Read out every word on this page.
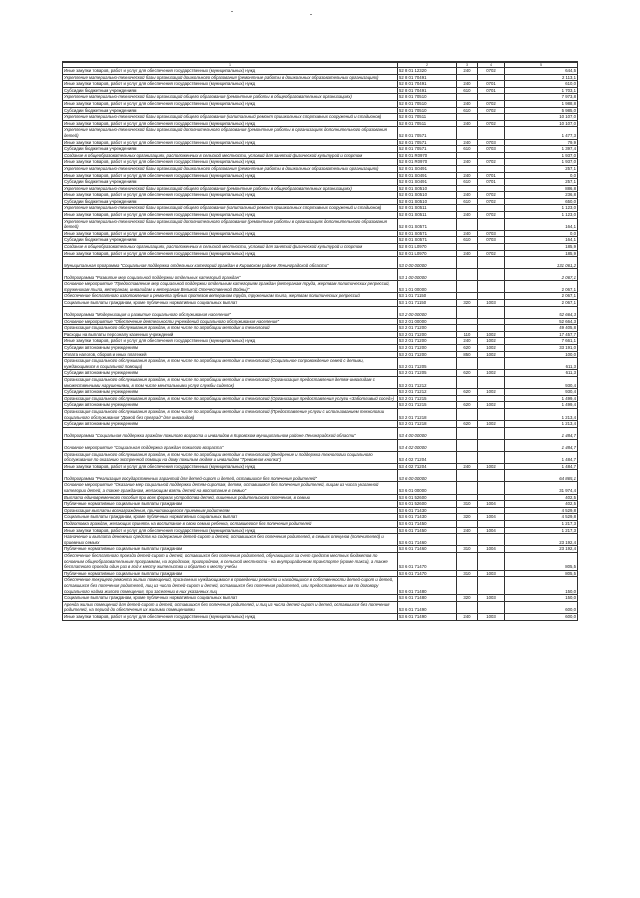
1	2	3	4	5
Иные закупки товаров, работ и услуг для обеспечения государственных (муниципальных) нужд	52 8 01 12320	240	0702	644,5
Укрепление материально-технической базы организаций дошкольного образования (ремонтные работы в дошкольных образовательных организациях)	52 8 01 70491			2 113,1
Иные закупки товаров, работ и услуг для обеспечения государственных (муниципальных) нужд	52 8 01 70491	240	0701	610,0
Субсидии бюджетным учреждениям	52 8 01 70491	610	0701	1 703,1
Укрепление материально-технической базы организаций общего образования (ремонтные работы в общеобразовательных организациях)	52 8 01 70510			7 973,8
Иные закупки товаров, работ и услуг для обеспечения государственных (муниципальных) нужд	52 8 01 70510	240	0702	1 988,8
Субсидии бюджетным учреждениям	52 8 01 70510	610	0702	5 985,0
Укрепление материально-технической базы организаций общего образования (капитальный ремонт пришкольных спортивных сооружений и стадионов)	52 8 01 70511			10 107,0
Иные закупки товаров, работ и услуг для обеспечения государственных (муниципальных) нужд	52 8 01 70511	240	0702	10 107,0
Укрепление материально-технической базы организаций дополнительного образования (ремонтные работы в организациях дополнительного образования детей)	52 8 01 70571			1 477,3
Иные закупки товаров, работ и услуг для обеспечения государственных (муниципальных) нужд	52 8 01 70571	240	0703	79,9
Субсидии бюджетным учреждениям	52 8 01 70571	610	0703	1 397,4
Создание в общеобразовательных организациях, расположенных в сельской местности, условий для занятий физической культурой и спортом	52 8 01 R0970			1 937,0
Иные закупки товаров, работ и услуг для обеспечения государственных (муниципальных) нужд	52 8 01 R0970	240	0702	1 937,0
Укрепление материально-технической базы организаций дошкольного образования (ремонтные работы в дошкольных образовательных организациях)	52 8 01 S0491			257,1
Иные закупки товаров, работ и услуг для обеспечения государственных (муниципальных) нужд	52 8 01 S0491	240	0701	0,0
Субсидии бюджетным учреждениям	52 8 01 S0491	610	0701	257,1
Укрепление материально-технической базы организаций общего образования (ремонтные работы в общеобразовательных организациях)	52 8 01 S0510			886,8
Иные закупки товаров, работ и услуг для обеспечения государственных (муниципальных) нужд	52 8 01 S0510	240	0702	236,8
Субсидии бюджетным учреждениям	52 8 01 S0510	610	0702	650,0
Укрепление материально-технической базы организаций общего образования (капитальный ремонт пришкольных спортивных сооружений и стадионов)	52 8 01 S0511			1 123,0
Иные закупки товаров, работ и услуг для обеспечения государственных (муниципальных) нужд	52 8 01 S0511	240	0702	1 123,0
Укрепление материально-технической базы организаций дополнительного образования (ремонтные работы в организациях дополнительного образования детей)	52 8 01 S0571			164,1
Иные закупки товаров, работ и услуг для обеспечения государственных (муниципальных) нужд	52 8 01 S0571	240	0703	0,0
Субсидии бюджетным учреждениям	52 8 01 S0571	610	0703	164,1
Создание в общеобразовательных организациях, расположенных в сельской местности, условий для занятий физической культурой и спортом	52 8 01 L0970			185,9
Иные закупки товаров, работ и услуг для обеспечения государственных (муниципальных) нужд	52 8 01 L0970	240	0702	185,9
Муниципальная программа "Социальная поддержка отдельных категорий граждан в Кировском районе Ленинградской области"	53 0 00 00000			131 061,2
Подпрограмма "Развитие мер социальной поддержки отдельных категорий граждан"	53 1 00 00000			2 067,1
Основное мероприятие "Предоставление мер социальной поддержки отдельным категориям граждан (ветеранам труда, жертвам политических репрессий, труженикам тыла, ветеранам, инвалидам и ветеранам Великой Отечественной Войны)"	53 1 01 00000			2 067,1
Обеспечение бесплатного изготовления и ремонта зубных протезов ветеранам труда, труженикам тыла, жертвам политических репрессий	53 1 01 71150			2 067,1
Социальные выплаты гражданам, кроме публичных нормативных социальных выплат	53 1 01 71150	320	1003	2 067,1
Подпрограмма "Модернизация и развитие социального обслуживания населения"	53 2 00 00000			52 664,3
Основное мероприятие "Обеспечение деятельности учреждений социального обслуживания населения"	53 2 01 00000			52 664,3
Организация социального обслуживания граждан, в том числе по апробации методик и технологий	53 2 01 71200			49 405,8
Расходы на выплаты персоналу казенных учреждений	53 2 01 71200	110	1002	17 457,7
Иные закупки товаров, работ и услуг для обеспечения государственных (муниципальных) нужд	53 2 01 71200	240	1002	7 661,1
Субсидии автономным учреждениям	53 2 01 71200	620	1002	33 191,0
Уплата налогов, сборов и иных платежей	53 2 01 71200	850	1002	100,0
Организация социального обслуживания граждан, в том числе по апробации методик и технологий (Социальное сопровождение семей с детьми, нуждающимися в социальной помощи)	53 2 01 71205			611,3
Субсидии автономным учреждениям	53 2 01 71205	620	1002	611,3
Организация социального обслуживания граждан, в том числе по апробации методик и технологий (Организация предоставления детям-инвалидам с множественными нарушениями, в том числе ментальными услуг службы сиделок)	53 2 01 71212			930,4
Субсидии автономным учреждениям	53 2 01 71212	620	1002	930,4
Организация социального обслуживания граждан, в том числе по апробации методик и технологий (Организация предоставления услуги «Заботливый сосед»)	53 2 01 71215			1 499,4
Субсидии автономным учреждениям	53 2 01 71215	620	1002	1 499,4
Организация социального обслуживания граждан, в том числе по апробации методик и технологий (Предоставление услуги с использованием технологии социального обслуживания "Домой без преград" для инвалидов)	53 2 01 71218			1 213,4
Субсидии автономным учреждениям	53 2 01 71218	620	1002	1 213,4
Подпрограмма "Социальная поддержка граждан пожилого возраста и инвалидов в Кировском муниципальном районе Ленинградской области"	53 4 00 00000			1 484,7
Основное мероприятие "Социальная поддержка граждан пожилого возраста"	53 4 02 00000			1 484,7
Организация социального обслуживания граждан, в том числе по апробации методик и технологий (Внедрение и поддержка технологии социального обслуживания по оказанию экстренной помощи на дому пожилым людям и инвалидам "Тревожная кнопка")	53 4 02 71204			1 484,7
Иные закупки товаров, работ и услуг для обеспечения государственных (муниципальных) нужд	53 4 02 71204	240	1002	1 484,7
Подпрограмма "Реализация государственных гарантий для детей-сирот и детей, оставшихся без попечения родителей"	53 6 00 00000			64 865,1
Основное мероприятие "Оказание мер социальной поддержки детям-сиротам, детям, оставшимся без попечения родителей, лицам из числа указанной категории детей, а также гражданам, желающим взять детей на воспитание в семью"	53 6 01 00000			31 974,4
Выплата единовременного пособия при всех формах устройства детей, лишенных родительского попечения, в семью	53 6 01 52600			402,5
Публичные нормативные социальные выплаты гражданам	53 6 01 52600	310	1004	402,5
Организация выплаты вознаграждения, причитающегося приемным родителям	53 6 01 71430			4 529,8
Социальные выплаты гражданам, кроме публичных нормативных социальных выплат	53 6 01 71430	320	1004	4 529,8
Подготовка граждан, желающих принять на воспитание в свою семью ребенка, оставшегося без попечения родителей	53 6 01 71450			1 217,3
Иные закупки товаров, работ и услуг для обеспечения государственных (муниципальных) нужд	53 6 01 71450	240	1004	1 217,3
Назначение и выплата денежных средств на содержание детей-сирот и детей, оставшихся без попечения родителей, в семьях опекунов (попечителей) и приемных семьях	53 6 01 71460			23 192,4
Публичные нормативные социальные выплаты гражданам	53 6 01 71460	310	1004	23 192,4
Обеспечение бесплатного проезда детей-сирот и детей, оставшихся без попечения родителей, обучающихся за счет средств местных бюджетов по основным общеобразовательным программам, на городском, пригородном, в сельской местности - на внутрирайонном транспорте (кроме такси), а также бесплатного проезда один раз в год к месту жительства и обратно к месту учебы	53 6 01 71470			805,5
Публичные нормативные социальные выплаты гражданам	53 6 01 71470	310	1003	805,5
Обеспечение текущего ремонта жилых помещений, признанных нуждающимися в проведении ремонта и находящихся в собственности детей-сирот и детей, оставшихся без попечения родителей, лиц из числа детей-сирот и детей, оставшихся без попечения родителей, или предоставленных им по договору социального найма жилого помещения, при заселении в них указанных лиц	53 6 01 71480			150,0
Социальные выплаты гражданам, кроме публичных нормативных социальных выплат	53 6 01 71480	320	1003	150,0
Аренда жилых помещений для детей-сирот и детей, оставшихся без попечения родителей, и лиц из числа детей-сирот и детей, оставшихся без попечения родителей, на период до обеспечения их жилыми помещениями	53 6 01 71490			600,0
Иные закупки товаров, работ и услуг для обеспечения государственных (муниципальных) нужд	53 6 01 71490	240	1003	600,0
